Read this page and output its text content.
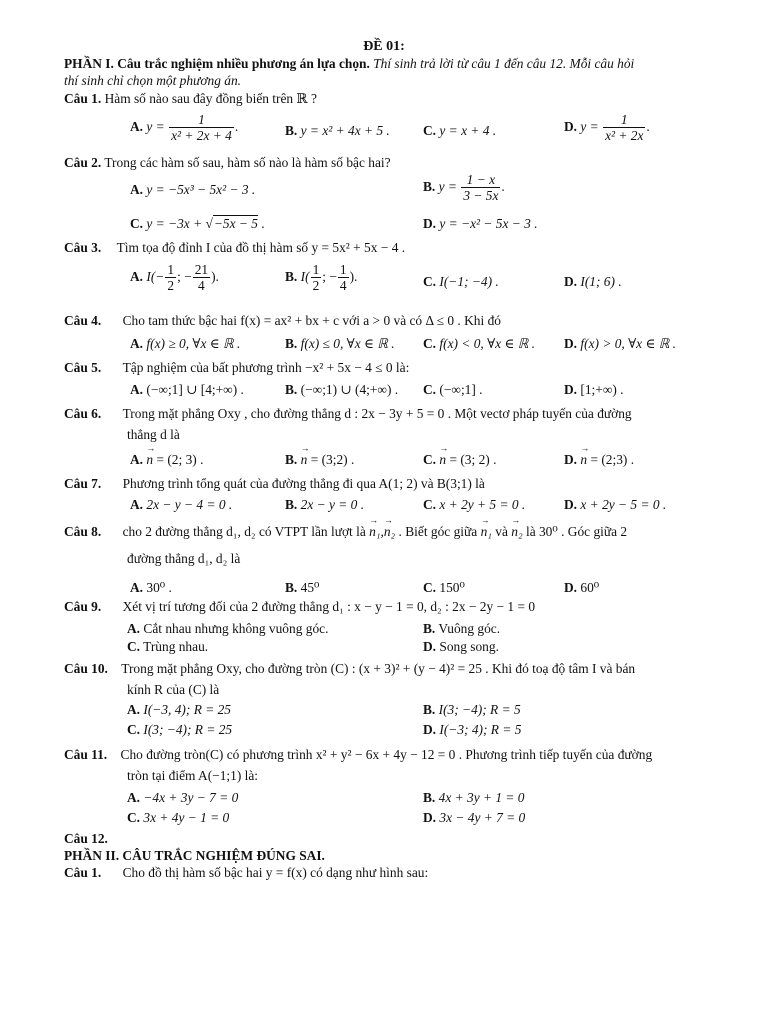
ĐỀ 01:
PHẦN I. Câu trắc nghiệm nhiều phương án lựa chọn. Thí sinh trả lời từ câu 1 đến câu 12. Mỗi câu hỏi
thí sinh chỉ chọn một phương án.
Câu 1. Hàm số nào sau đây đồng biến trên ℝ ?
A. $y = \frac{1}{\text{x² + 2x + 4}}$ .	B. y = x² + 4x + 5 . C. y = x + 4 .	D. $y = \frac{1}{\text{x² + 2x}}$ .
Câu 2. Trong các hàm số sau, hàm số nào là hàm số bậc hai?
A. y = −5x³ − 5x² − 3 .	B. $y = \frac{1 - x}{3 - 5x}$ .
C. y = −3x + √−5x − 5 .	D. y = −x² − 5x − 3 .
Câu 3. Tìm tọa độ đỉnh I của đồ thị hàm số y = 5x² + 5x − 4 .
A. $I(- \frac{1}{2}$ ; − $\frac{21}{4}$ ).	B. $I( \frac{1}{2}$ ; − $\frac{1}{4}$ ).	C. I(−1; −4) .	D. I(1; 6) .
Câu 4. Cho tam thức bậc hai f(x) = ax² + bx + c với a > 0 và có Δ ≤ 0 . Khi đó
A. f(x) ≥ 0, ∀x ∈ ℝ .	B. f(x) ≤ 0, ∀x ∈ ℝ . C. f(x) < 0, ∀x ∈ ℝ . D. f(x) > 0, ∀x ∈ ℝ .
Câu 5. Tập nghiệm của bất phương trình −x² + 5x − 4 ≤ 0 là:
A. (−∞;1] ∪ [4;+∞) .	B. (−∞;1) ∪ (4;+∞) . C. (−∞;1] .	D. [1;+∞) .
Câu 6. Trong mặt phẳng Oxy , cho đường thẳng d : 2x − 3y + 5 = 0 . Một vectơ pháp tuyến của đường
thẳng d là
A. → n = (2; 3) .	B. → n = (3;2) .	C. → n = (3; 2) .	D. → n = (2;3) .
Câu 7. Phương trình tổng quát của đường thẳng đi qua A(1; 2) và B(3;1) là
A. 2x − y − 4 = 0 .	B. 2x − y = 0 .	C. x + 2y + 5 = 0 .	D. x + 2y − 5 = 0 .
Câu 8. cho 2 đường thẳng d₁, d₂ có VTPT lần lượt là → n₁,→ n₂ . Biết góc giữa → n₁ và → n₂ là 30⁰ . Góc giữa 2
đường thẳng d₁, d₂ là
A. 30⁰ .	B. 45⁰	C. 150⁰	D. 60⁰
Câu 9. Xét vị trí tương đối của 2 đường thẳng d₁ : x − y − 1 = 0, d₂ : 2x − 2y − 1 = 0
A. Cắt nhau nhưng không vuông góc.	B. Vuông góc.
C. Trùng nhau.	D. Song song.
Câu 10. Trong mặt phẳng Oxy, cho đường tròn (C) : (x + 3)² + (y − 4)² = 25 . Khi đó toạ độ tâm I và bán
kính R của (C) là
A. I(−3, 4); R = 25	B. I(3; −4); R = 5
C. I(3; −4); R = 25	D. I(−3; 4); R = 5
Câu 11. Cho đường tròn(C) có phương trình x² + y² − 6x + 4y − 12 = 0 . Phương trình tiếp tuyến của đường
tròn tại điểm A(−1;1) là:
A. −4x + 3y − 7 = 0	B. 4x + 3y + 1 = 0
C. 3x + 4y − 1 = 0	D. 3x − 4y + 7 = 0
Câu 12.
PHẦN II. CÂU TRẮC NGHIỆM ĐÚNG SAI.
Câu 1. Cho đồ thị hàm số bậc hai y = f(x) có dạng như hình sau:
